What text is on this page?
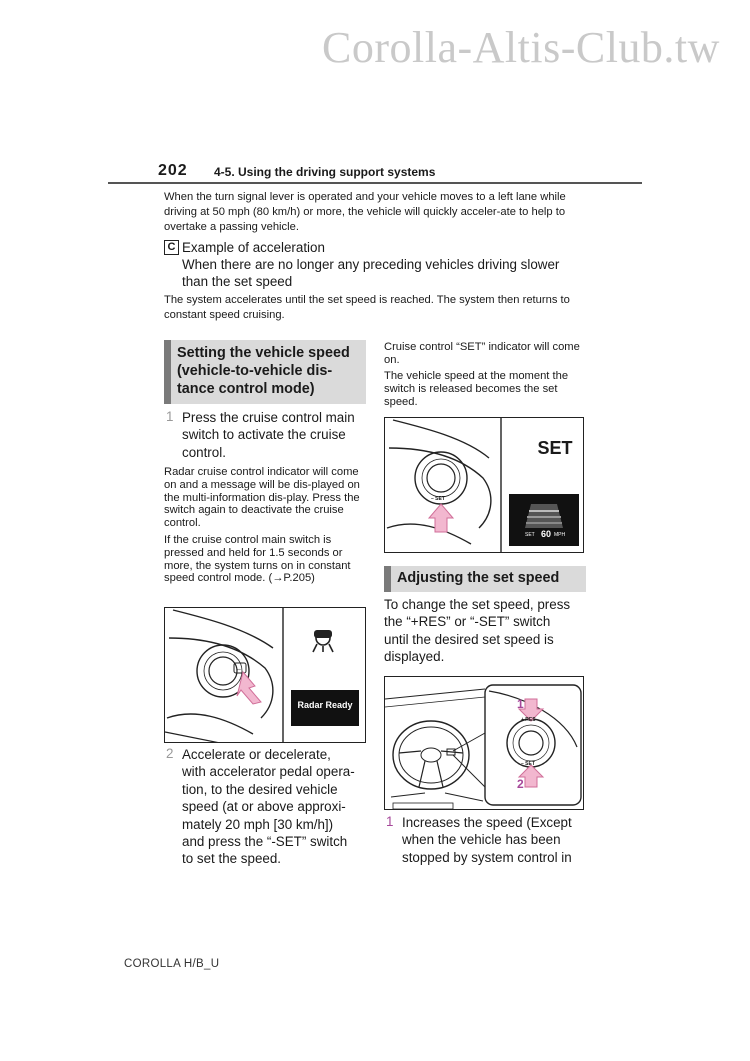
Corolla-Altis-Club.tw
202 4-5. Using the driving support systems
When the turn signal lever is operated and your vehicle moves to a left lane while driving at 50 mph (80 km/h) or more, the vehicle will quickly acceler-ate to help to overtake a passing vehicle.
C Example of acceleration
When there are no longer any preceding vehicles driving slower
than the set speed
The system accelerates until the set speed is reached. The system then returns to constant speed cruising.
Setting the vehicle speed
(vehicle-to-vehicle dis-
tance control mode)
1 Press the cruise control main
switch to activate the cruise
control.
Radar cruise control indicator will come on and a message will be dis-played on the multi-information dis-play. Press the switch again to deactivate the cruise control.
If the cruise control main switch is pressed and held for 1.5 seconds or more, the system turns on in constant speed control mode. (→P.205)
⇔
Radar Ready
2 Accelerate or decelerate,
with accelerator pedal opera-
tion, to the desired vehicle
speed (at or above approxi-
mately 20 mph [30 km/h])
and press the “-SET” switch
to set the speed.
Cruise control “SET” indicator will come on.
The vehicle speed at the moment the switch is released becomes the set speed.
SET
– SET
SET 60 MPH
Adjusting the set speed
To change the set speed, press
the “+RES” or “-SET” switch
until the desired set speed is
displayed.
1
2
+ RES
– SET
1 Increases the speed (Except
when the vehicle has been
stopped by system control in
COROLLA H/B_U
